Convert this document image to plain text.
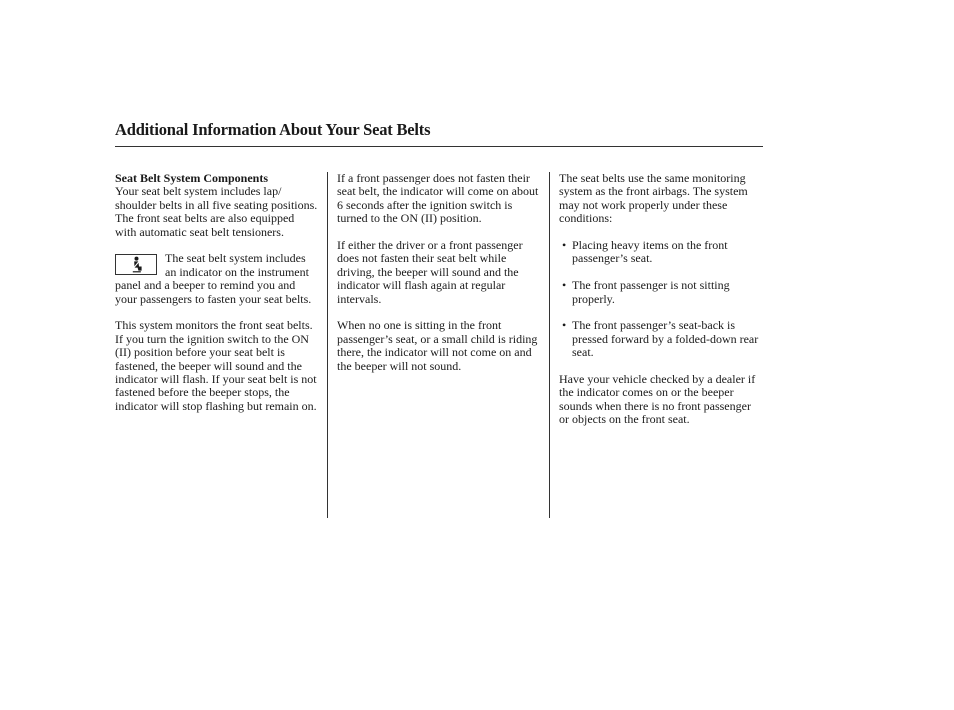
Additional Information About Your Seat Belts

Seat Belt System Components
Your seat belt system includes lap/ shoulder belts in all five seating positions. The front seat belts are also equipped with automatic seat belt tensioners.

The seat belt system includes an indicator on the instrument panel and a beeper to remind you and your passengers to fasten your seat belts.

This system monitors the front seat belts. If you turn the ignition switch to the ON (II) position before your seat belt is fastened, the beeper will sound and the indicator will flash. If your seat belt is not fastened before the beeper stops, the indicator will stop flashing but remain on.

If a front passenger does not fasten their seat belt, the indicator will come on about 6 seconds after the ignition switch is turned to the ON (II) position.

If either the driver or a front passenger does not fasten their seat belt while driving, the beeper will sound and the indicator will flash again at regular intervals.

When no one is sitting in the front passenger’s seat, or a small child is riding there, the indicator will not come on and the beeper will not sound.

The seat belts use the same monitoring system as the front airbags. The system may not work properly under these conditions:

• Placing heavy items on the front passenger’s seat.
• The front passenger is not sitting properly.
• The front passenger’s seat-back is pressed forward by a folded-down rear seat.

Have your vehicle checked by a dealer if the indicator comes on or the beeper sounds when there is no front passenger or objects on the front seat.
